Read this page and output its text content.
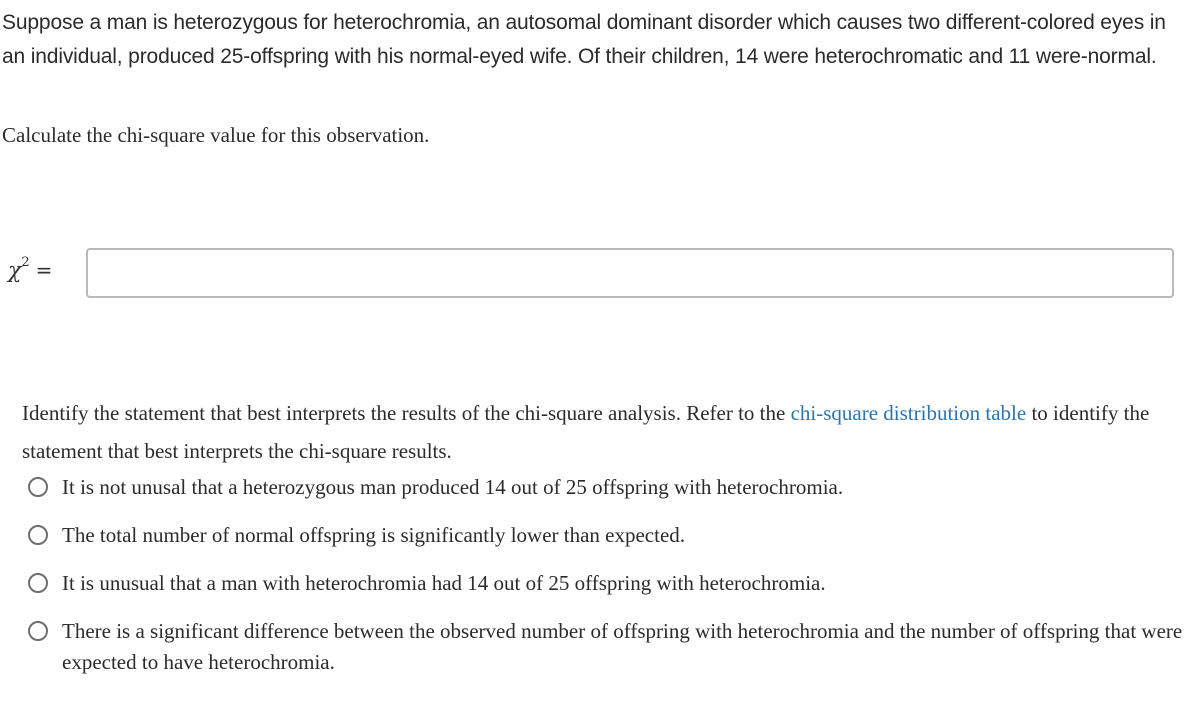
Suppose a man is heterozygous for heterochromia, an autosomal dominant disorder which causes two different-colored eyes in an individual, produced 25-offspring with his normal-eyed wife. Of their children, 14 were heterochromatic and 11 were-normal.
Calculate the chi-square value for this observation.
$\chi^2$ =
Identify the statement that best interprets the results of the chi-square analysis. Refer to the chi-square distribution table to identify the statement that best interprets the chi-square results.
It is not unusal that a heterozygous man produced 14 out of 25 offspring with heterochromia.
The total number of normal offspring is significantly lower than expected.
It is unusual that a man with heterochromia had 14 out of 25 offspring with heterochromia.
There is a significant difference between the observed number of offspring with heterochromia and the number of offspring that were expected to have heterochromia.
